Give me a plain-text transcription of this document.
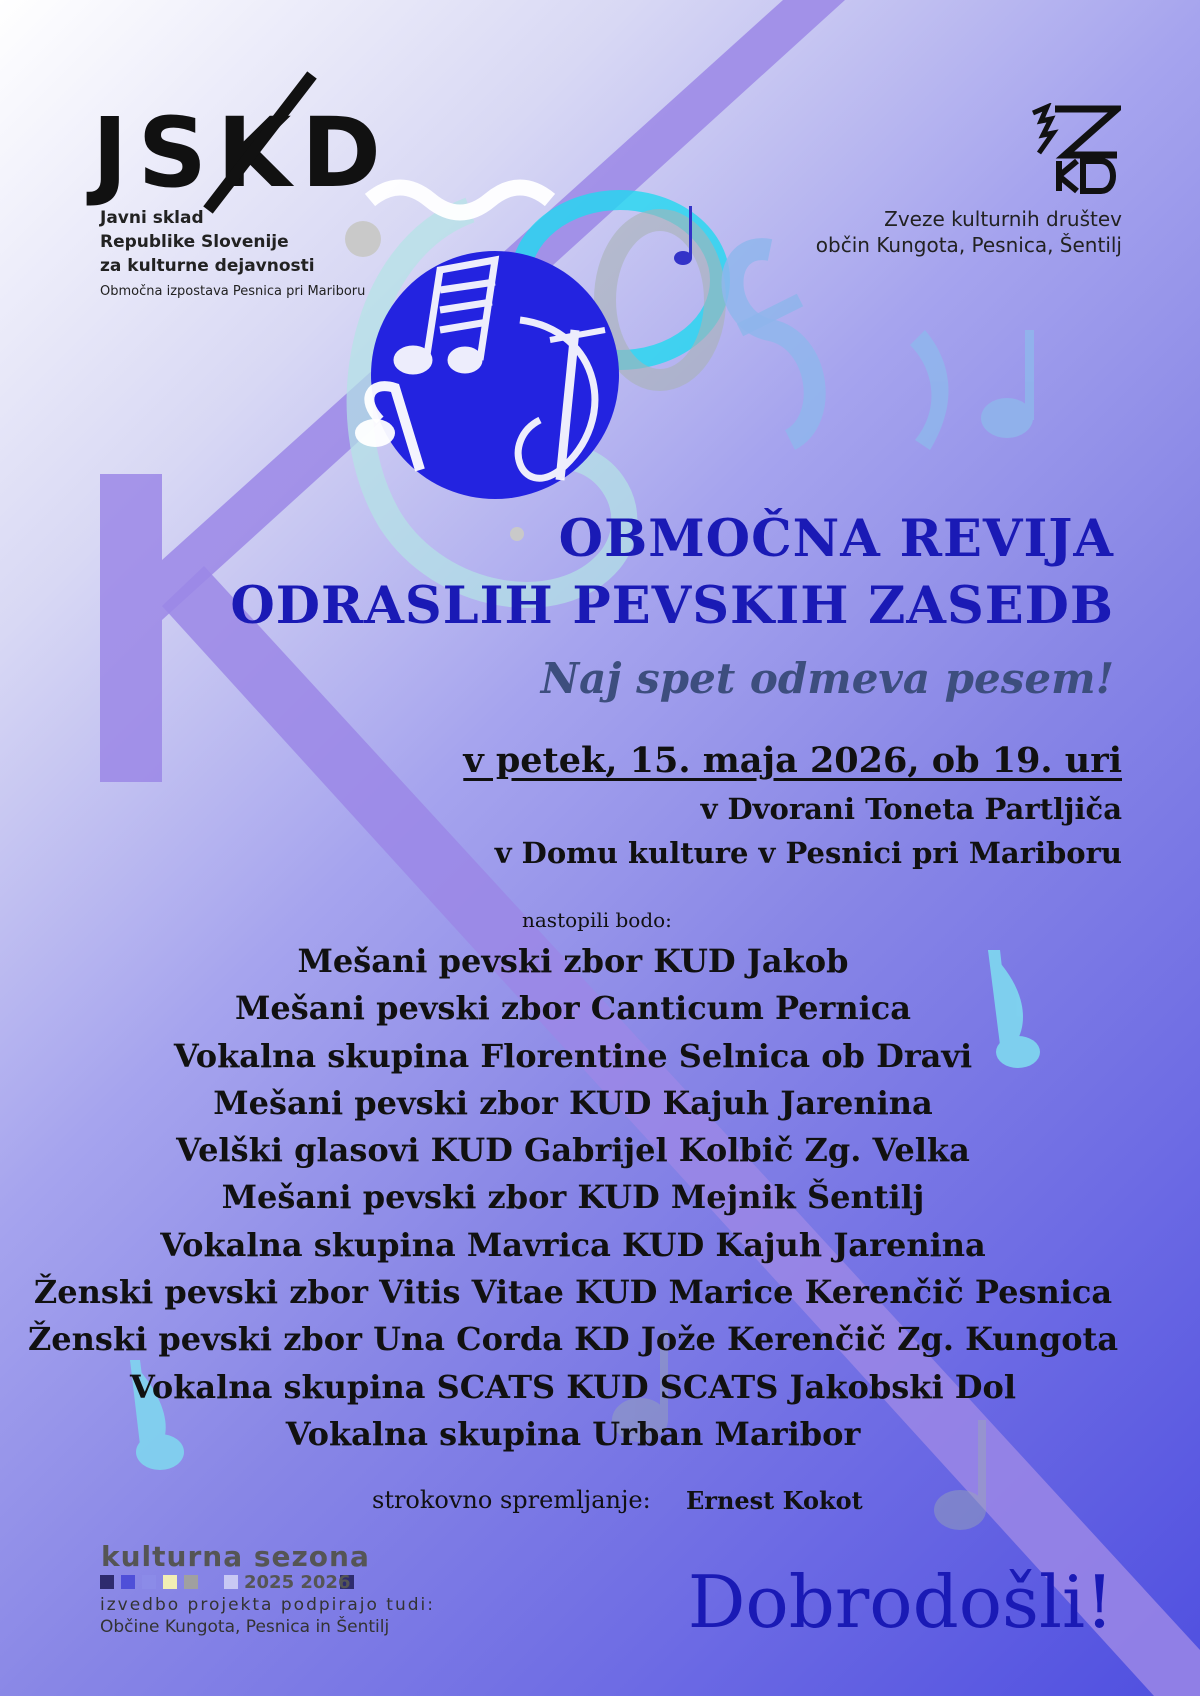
JSKD
Javni sklad
Republike Slovenije
za kulturne dejavnosti
Območna izpostava Pesnica pri Mariboru
Zveze kulturnih društev
občin Kungota, Pesnica, Šentilj
OBMOČNA REVIJA
ODRASLIH PEVSKIH ZASEDB
Naj spet odmeva pesem!
v petek, 15. maja 2026, ob 19. uri
v Dvorani Toneta Partljiča
v Domu kulture v Pesnici pri Mariboru
nastopili bodo:
Mešani pevski zbor KUD Jakob
Mešani pevski zbor Canticum Pernica
Vokalna skupina Florentine Selnica ob Dravi
Mešani pevski zbor KUD Kajuh Jarenina
Velški glasovi KUD Gabrijel Kolbič Zg. Velka
Mešani pevski zbor KUD Mejnik Šentilj
Vokalna skupina Mavrica KUD Kajuh Jarenina
Ženski pevski zbor Vitis Vitae KUD Marice Kerenčič Pesnica
Ženski pevski zbor Una Corda KD Jože Kerenčič Zg. Kungota
Vokalna skupina SCATS KUD SCATS Jakobski Dol
Vokalna skupina Urban Maribor
strokovno spremljanje: Ernest Kokot
kulturna sezona
2025 2026
izvedbo projekta podpirajo tudi:
Občine Kungota, Pesnica in Šentilj	Dobrodošli!
